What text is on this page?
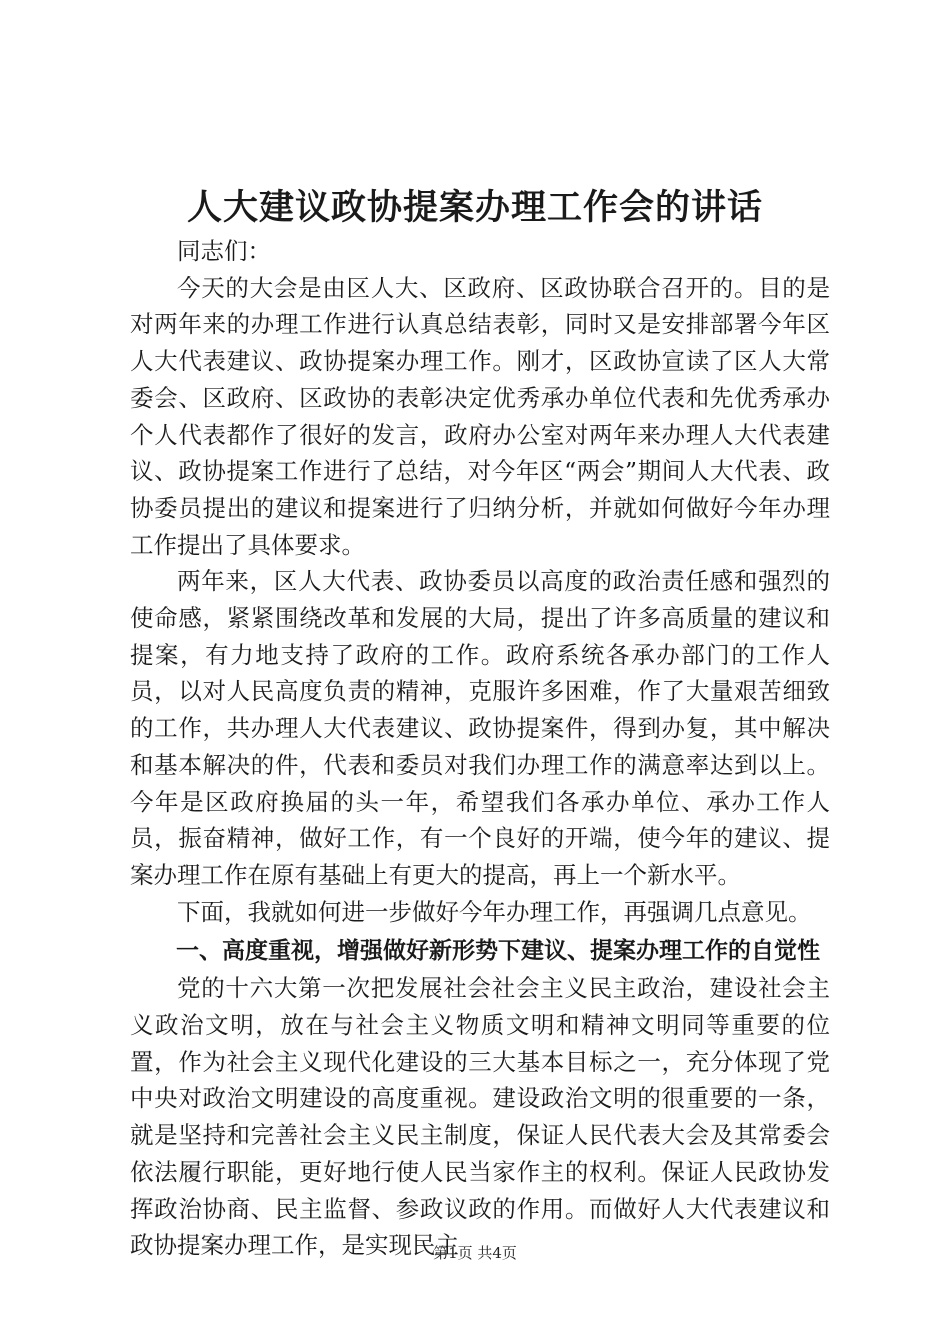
人大建议政协提案办理工作会的讲话

同志们：

今天的大会是由区人大、区政府、区政协联合召开的。目的是对两年来的办理工作进行认真总结表彰，同时又是安排部署今年区人大代表建议、政协提案办理工作。刚才，区政协宣读了区人大常委会、区政府、区政协的表彰决定优秀承办单位代表和先优秀承办个人代表都作了很好的发言，政府办公室对两年来办理人大代表建议、政协提案工作进行了总结，对今年区“两会”期间人大代表、政协委员提出的建议和提案进行了归纳分析，并就如何做好今年办理工作提出了具体要求。

两年来，区人大代表、政协委员以高度的政治责任感和强烈的使命感，紧紧围绕改革和发展的大局，提出了许多高质量的建议和提案，有力地支持了政府的工作。政府系统各承办部门的工作人员，以对人民高度负责的精神，克服许多困难，作了大量艰苦细致的工作，共办理人大代表建议、政协提案件，得到办复，其中解决和基本解决的件，代表和委员对我们办理工作的满意率达到以上。今年是区政府换届的头一年，希望我们各承办单位、承办工作人员，振奋精神，做好工作，有一个良好的开端，使今年的建议、提案办理工作在原有基础上有更大的提高，再上一个新水平。

下面，我就如何进一步做好今年办理工作，再强调几点意见。

一、高度重视，增强做好新形势下建议、提案办理工作的自觉性

党的十六大第一次把发展社会社会主义民主政治，建设社会主义政治文明，放在与社会主义物质文明和精神文明同等重要的位置，作为社会主义现代化建设的三大基本目标之一，充分体现了党中央对政治文明建设的高度重视。建设政治文明的很重要的一条，就是坚持和完善社会主义民主制度，保证人民代表大会及其常委会依法履行职能，更好地行使人民当家作主的权利。保证人民政协发挥政治协商、民主监督、参政议政的作用。而做好人大代表建议和政协提案办理工作，是实现民主

第1页 共4页
